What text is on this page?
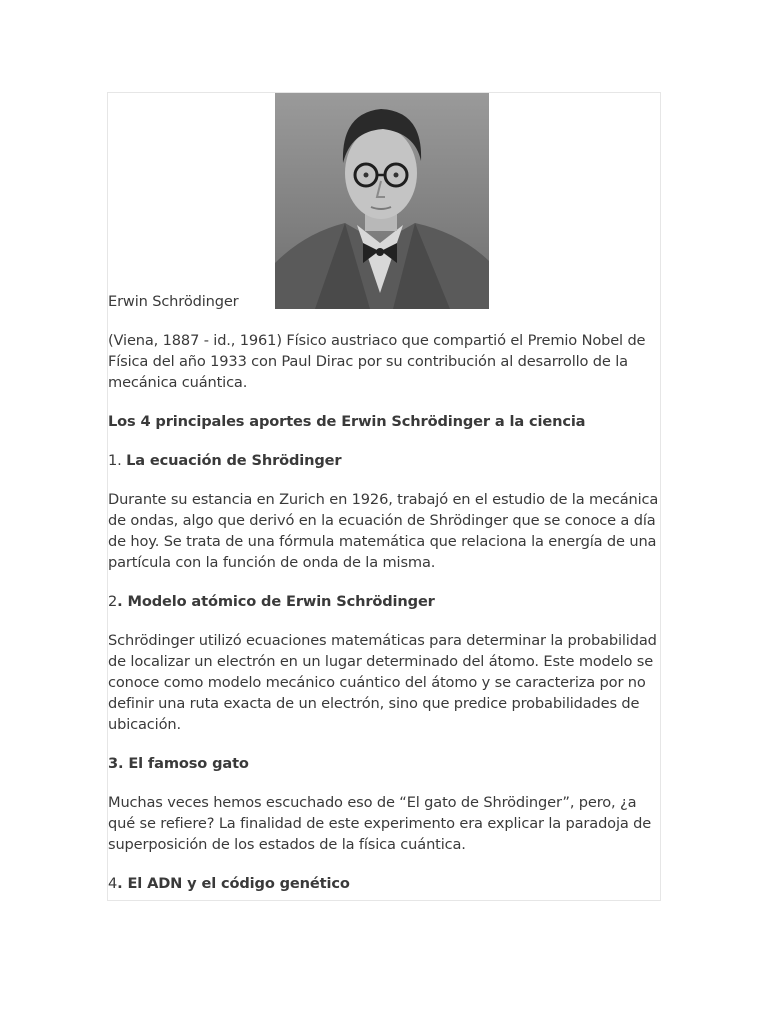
Erwin Schrödinger

(Viena, 1887 - id., 1961) Físico austriaco que compartió el Premio Nobel de Física del año 1933 con Paul Dirac por su contribución al desarrollo de la mecánica cuántica.

Los 4 principales aportes de Erwin Schrödinger a la ciencia

1. La ecuación de Shrödinger

Durante su estancia en Zurich en 1926, trabajó en el estudio de la mecánica de ondas, algo que derivó en la ecuación de Shrödinger que se conoce a día de hoy. Se trata de una fórmula matemática que relaciona la energía de una partícula con la función de onda de la misma.

2. Modelo atómico de Erwin Schrödinger

Schrödinger utilizó ecuaciones matemáticas para determinar la probabilidad de localizar un electrón en un lugar determinado del átomo. Este modelo se conoce como modelo mecánico cuántico del átomo y se caracteriza por no definir una ruta exacta de un electrón, sino que predice probabilidades de ubicación.

3. El famoso gato

Muchas veces hemos escuchado eso de “El gato de Shrödinger”, pero, ¿a qué se refiere? La finalidad de este experimento era explicar la paradoja de superposición de los estados de la física cuántica.

4. El ADN y el código genético
